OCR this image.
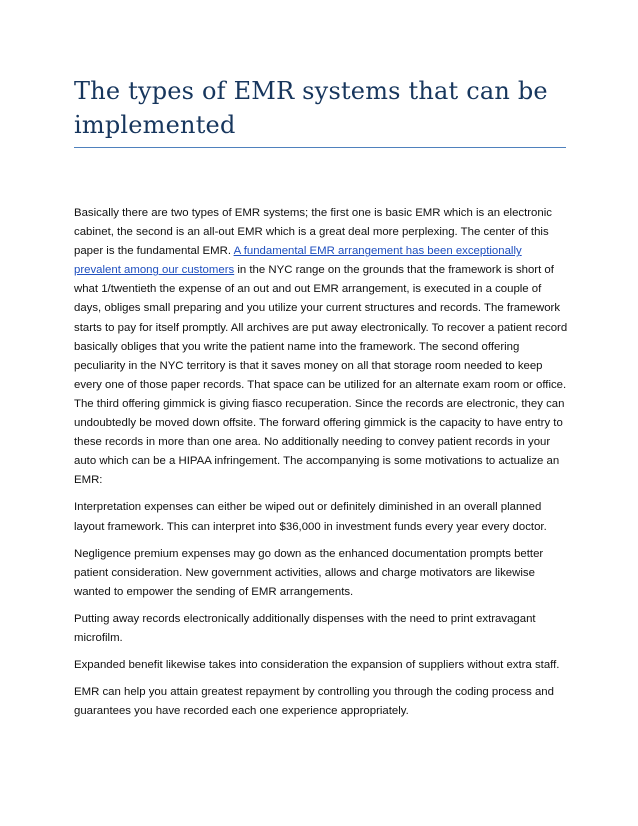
The types of EMR systems that can be implemented

Basically there are two types of EMR systems; the first one is basic EMR which is an electronic cabinet, the second is an all-out EMR which is a great deal more perplexing. The center of this paper is the fundamental EMR. A fundamental EMR arrangement has been exceptionally prevalent among our customers in the NYC range on the grounds that the framework is short of what 1/twentieth the expense of an out and out EMR arrangement, is executed in a couple of days, obliges small preparing and you utilize your current structures and records. The framework starts to pay for itself promptly. All archives are put away electronically. To recover a patient record basically obliges that you write the patient name into the framework. The second offering peculiarity in the NYC territory is that it saves money on all that storage room needed to keep every one of those paper records. That space can be utilized for an alternate exam room or office. The third offering gimmick is giving fiasco recuperation. Since the records are electronic, they can undoubtedly be moved down offsite. The forward offering gimmick is the capacity to have entry to these records in more than one area. No additionally needing to convey patient records in your auto which can be a HIPAA infringement. The accompanying is some motivations to actualize an EMR:

Interpretation expenses can either be wiped out or definitely diminished in an overall planned layout framework. This can interpret into $36,000 in investment funds every year every doctor.

Negligence premium expenses may go down as the enhanced documentation prompts better patient consideration. New government activities, allows and charge motivators are likewise wanted to empower the sending of EMR arrangements.

Putting away records electronically additionally dispenses with the need to print extravagant microfilm.

Expanded benefit likewise takes into consideration the expansion of suppliers without extra staff.

EMR can help you attain greatest repayment by controlling you through the coding process and guarantees you have recorded each one experience appropriately.
